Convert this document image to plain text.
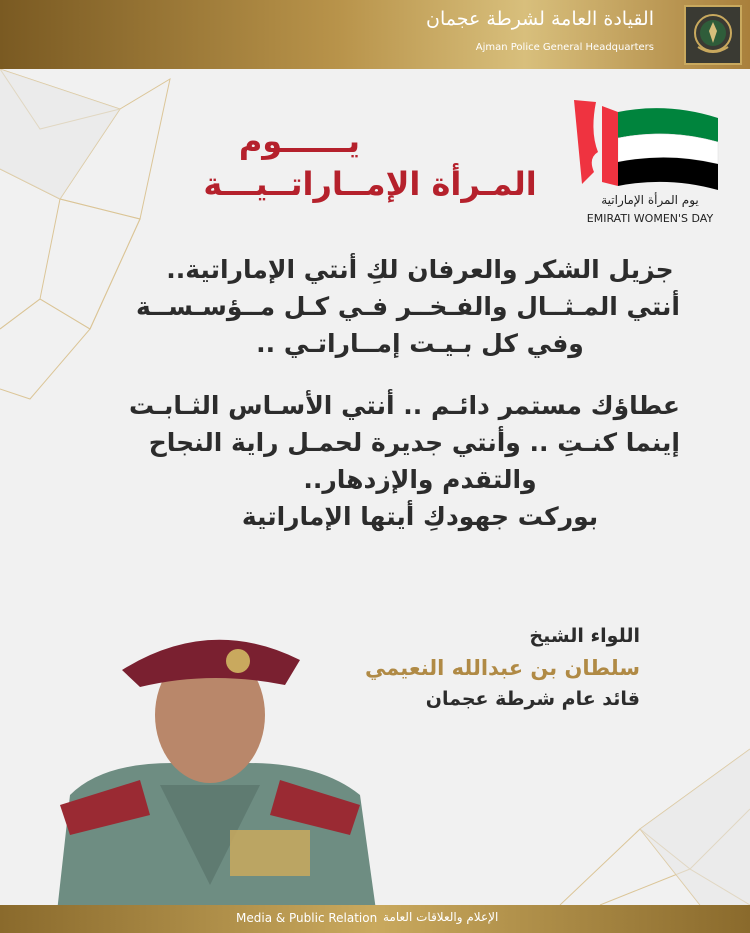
القيادة العامة لشرطة عجمان
Ajman Police General Headquarters
يــــــوم
المـرأة الإمــاراتــيـــة	يوم المرأة الإماراتية
EMIRATI WOMEN'S DAY
جزيل الشكر والعرفان لكِ أنتي الإماراتية..
أنتي المـثــال والفـخــر فـي كـل مــؤسـســة
وفي كل بـيـت إمــاراتـي ..
عطاؤك مستمر دائـم .. أنتي الأسـاس الثـابـت
إينما كنـتِ .. وأنتي جديرة لحمـل راية النجاح
والتقدم والإزدهار..
بوركت جهودكِ أيتها الإماراتية
اللواء الشيخ
سلطان بن عبدالله النعيمي
قائد عام شرطة عجمان
Media & Public Relation الإعلام والعلاقات العامة
